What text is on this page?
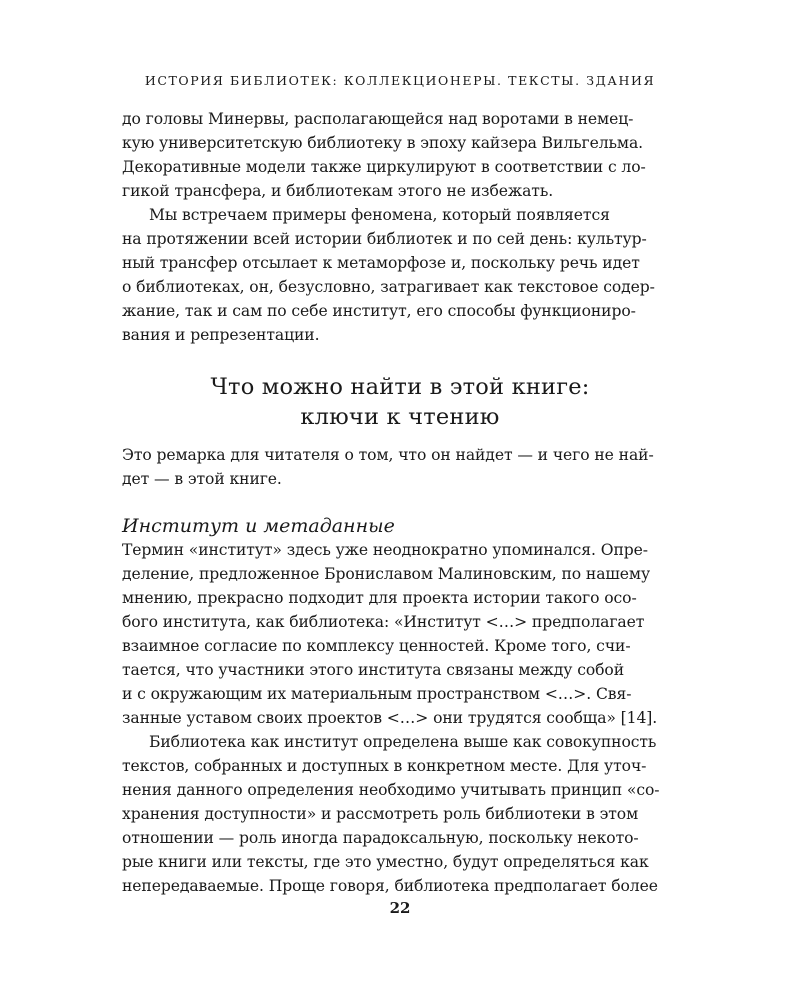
ИСТОРИЯ БИБЛИОТЕК: КОЛЛЕКЦИОНЕРЫ. ТЕКСТЫ. ЗДАНИЯ
до головы Минервы, располагающейся над воротами в немец-
кую университетскую библиотеку в эпоху кайзера Вильгельма.
Декоративные модели также циркулируют в соответствии с ло-
гикой трансфера, и библиотекам этого не избежать.
Мы встречаем примеры феномена, который появляется
на протяжении всей истории библиотек и по сей день: культур-
ный трансфер отсылает к метаморфозе и, поскольку речь идет
о библиотеках, он, безусловно, затрагивает как текстовое содер-
жание, так и сам по себе институт, его способы функциониро-
вания и репрезентации.
Что можно найти в этой книге:
ключи к чтению
Это ремарка для читателя о том, что он найдет — и чего не най-
дет — в этой книге.
Институт и метаданные
Термин «институт» здесь уже неоднократно упоминался. Опре-
деление, предложенное Брониславом Малиновским, по нашему
мнению, прекрасно подходит для проекта истории такого осо-
бого института, как библиотека: «Институт <…> предполагает
взаимное согласие по комплексу ценностей. Кроме того, счи-
тается, что участники этого института связаны между собой
и с окружающим их материальным пространством <…>. Свя-
занные уставом своих проектов <…> они трудятся сообща» [14].
Библиотека как институт определена выше как совокупность
текстов, собранных и доступных в конкретном месте. Для уточ-
нения данного определения необходимо учитывать принцип «со-
хранения доступности» и рассмотреть роль библиотеки в этом
отношении — роль иногда парадоксальную, поскольку некото-
рые книги или тексты, где это уместно, будут определяться как
непередаваемые. Проще говоря, библиотека предполагает более
22
